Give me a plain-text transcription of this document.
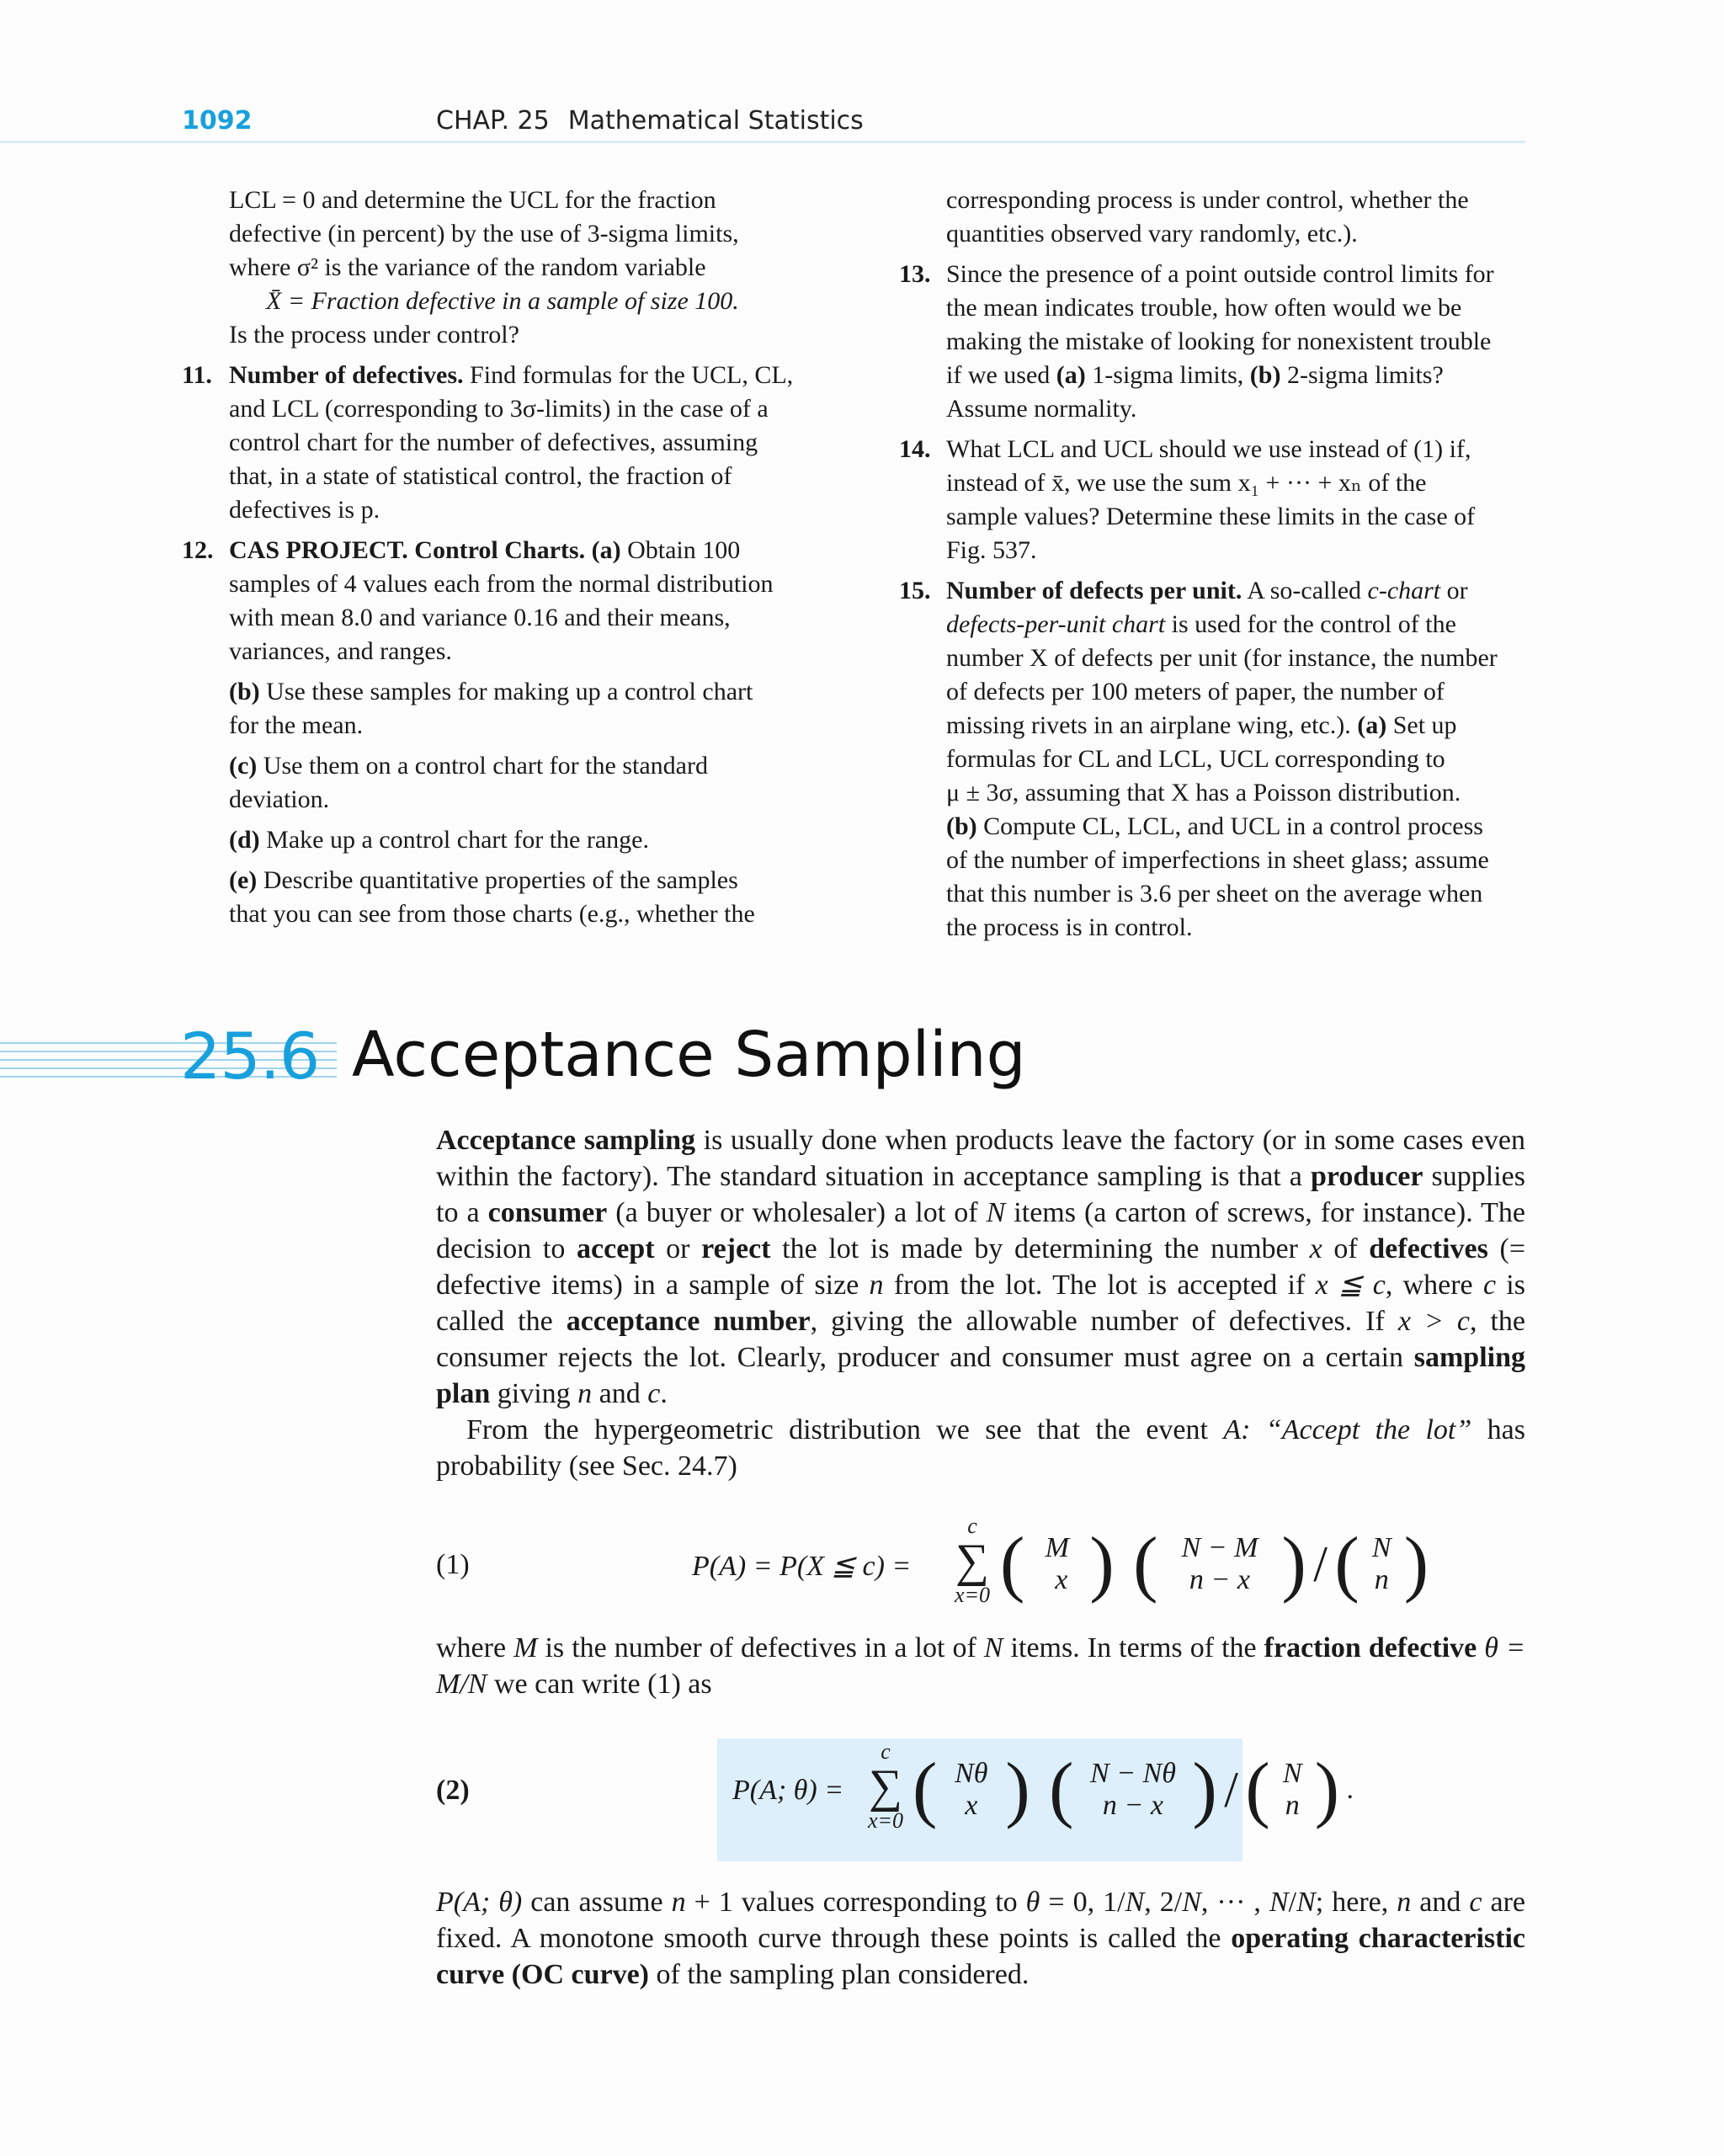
1092	CHAP. 25 Mathematical Statistics

LCL = 0 and determine the UCL for the fraction

defective (in percent) by the use of 3-sigma limits,

where σ² is the variance of the random variable

X̄ = Fraction defective in a sample of size 100.

Is the process under control?

11. Number of defectives. Find formulas for the UCL, CL,

and LCL (corresponding to 3σ-limits) in the case of a

control chart for the number of defectives, assuming

that, in a state of statistical control, the fraction of

defectives is p.

12. CAS PROJECT. Control Charts. (a) Obtain 100

samples of 4 values each from the normal distribution

with mean 8.0 and variance 0.16 and their means,

variances, and ranges.

(b) Use these samples for making up a control chart

for the mean.

(c) Use them on a control chart for the standard

deviation.

(d) Make up a control chart for the range.

(e) Describe quantitative properties of the samples

that you can see from those charts (e.g., whether the

corresponding process is under control, whether the

quantities observed vary randomly, etc.).

13. Since the presence of a point outside control limits for

the mean indicates trouble, how often would we be

making the mistake of looking for nonexistent trouble

if we used (a) 1-sigma limits, (b) 2-sigma limits?

Assume normality.

14. What LCL and UCL should we use instead of (1) if,

instead of x̄, we use the sum x₁ + ··· + xₙ of the

sample values? Determine these limits in the case of

Fig. 537.

15. Number of defects per unit. A so-called c-chart or

defects-per-unit chart is used for the control of the

number X of defects per unit (for instance, the number

of defects per 100 meters of paper, the number of

missing rivets in an airplane wing, etc.). (a) Set up

formulas for CL and LCL, UCL corresponding to

μ ± 3σ, assuming that X has a Poisson distribution.

(b) Compute CL, LCL, and UCL in a control process

of the number of imperfections in sheet glass; assume

that this number is 3.6 per sheet on the average when

the process is in control.

25.6 Acceptance Sampling
Acceptance sampling is usually done when products leave the factory (or in some cases even within the factory). The standard situation in acceptance sampling is that a producer supplies to a consumer (a buyer or wholesaler) a lot of N items (a carton of screws, for instance). The decision to accept or reject the lot is made by determining the number x of defectives (= defective items) in a sample of size n from the lot. The lot is accepted if x ≦ c, where c is called the acceptance number, giving the allowable number of defectives. If x > c, the consumer rejects the lot. Clearly, producer and consumer must agree on a certain sampling plan giving n and c.
From the hypergeometric distribution we see that the event A: “Accept the lot” has probability (see Sec. 24.7)
(1)	P(A) = P(X ≦ c) =
c
∑
x=0 ( M
x ) ( N − M
n − x ) / ( N
n )
where M is the number of defectives in a lot of N items. In terms of the fraction defective θ = M/N we can write (1) as
(2)	P(A; θ) =
c
∑
x=0 ( Nθ
x ) ( N − Nθ
n − x ) / ( N
n ) .
P(A; θ) can assume n + 1 values corresponding to θ = 0, 1/N, 2/N, ··· , N/N; here, n and c are fixed. A monotone smooth curve through these points is called the operating characteristic curve (OC curve) of the sampling plan considered.
